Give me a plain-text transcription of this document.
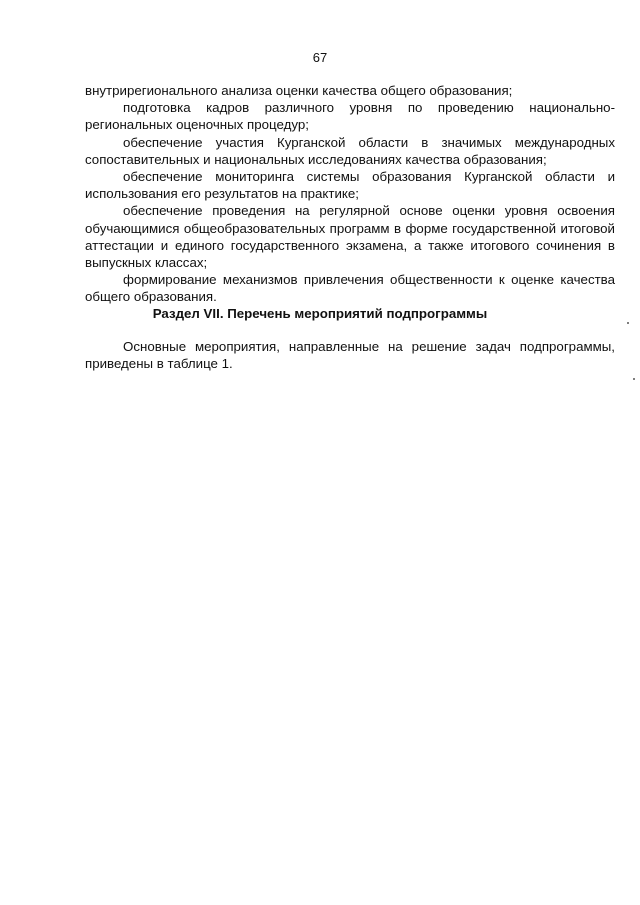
67

внутрирегионального анализа оценки качества общего образования;

подготовка кадров различного уровня по проведению национально-региональных оценочных процедур;

обеспечение участия Курганской области в значимых международных сопоставительных и национальных исследованиях качества образования;

обеспечение мониторинга системы образования Курганской области и использования его результатов на практике;

обеспечение проведения на регулярной основе оценки уровня освоения обучающимися общеобразовательных программ в форме государственной итоговой аттестации и единого государственного экзамена, а также итогового сочинения в выпускных классах;

формирование механизмов привлечения общественности к оценке качества общего образования.

Раздел VII. Перечень мероприятий подпрограммы

Основные мероприятия, направленные на решение задач подпрограммы, приведены в таблице 1.
